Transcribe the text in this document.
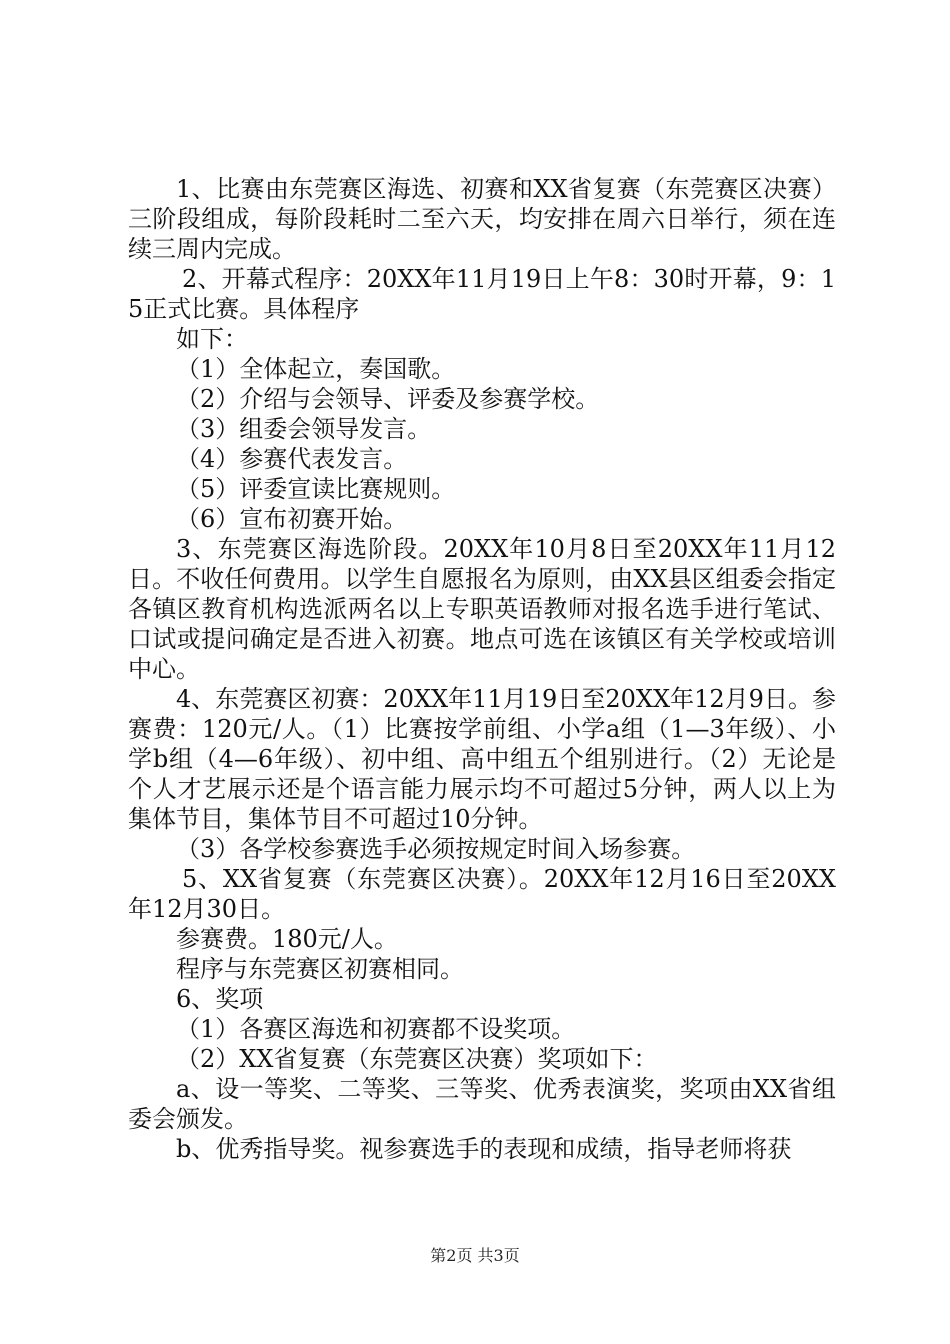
1、比赛由东莞赛区海选、初赛和XX省复赛（东莞赛区决赛）三阶段组成，每阶段耗时二至六天，均安排在周六日举行，须在连续三周内完成。

2、开幕式程序：20XX年11月19日上午8：30时开幕，9：15正式比赛。具体程序

如下：

（1）全体起立，奏国歌。

（2）介绍与会领导、评委及参赛学校。

（3）组委会领导发言。

（4）参赛代表发言。

（5）评委宣读比赛规则。

（6）宣布初赛开始。

3、东莞赛区海选阶段。20XX年10月8日至20XX年11月12日。不收任何费用。以学生自愿报名为原则，由XX县区组委会指定各镇区教育机构选派两名以上专职英语教师对报名选手进行笔试、口试或提问确定是否进入初赛。地点可选在该镇区有关学校或培训中心。

4、东莞赛区初赛：20XX年11月19日至20XX年12月9日。参赛费：120元/人。（1）比赛按学前组、小学a组（1—3年级）、小学b组（4—6年级）、初中组、高中组五个组别进行。（2）无论是个人才艺展示还是个语言能力展示均不可超过5分钟，两人以上为集体节目，集体节目不可超过10分钟。

（3）各学校参赛选手必须按规定时间入场参赛。

5、XX省复赛（东莞赛区决赛）。20XX年12月16日至20XX年12月30日。

参赛费。180元/人。

程序与东莞赛区初赛相同。

6、奖项

（1）各赛区海选和初赛都不设奖项。

（2）XX省复赛（东莞赛区决赛）奖项如下：

a、设一等奖、二等奖、三等奖、优秀表演奖，奖项由XX省组委会颁发。

b、优秀指导奖。视参赛选手的表现和成绩，指导老师将获

第2页 共3页
